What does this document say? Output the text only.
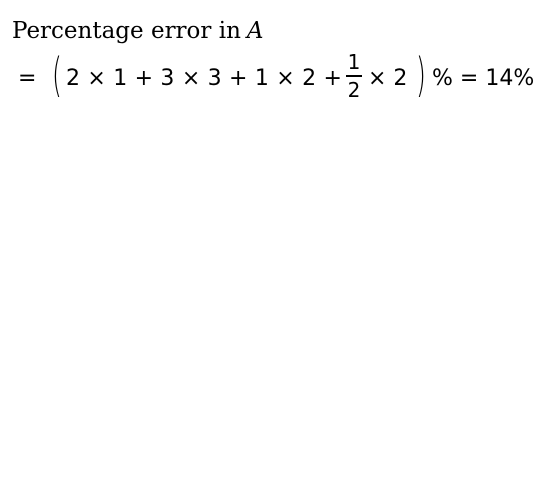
Percentage error in A
= ( 2 × 1 + 3 × 3 + 1 × 2 +
1
2 × 2 ) % = 14%
